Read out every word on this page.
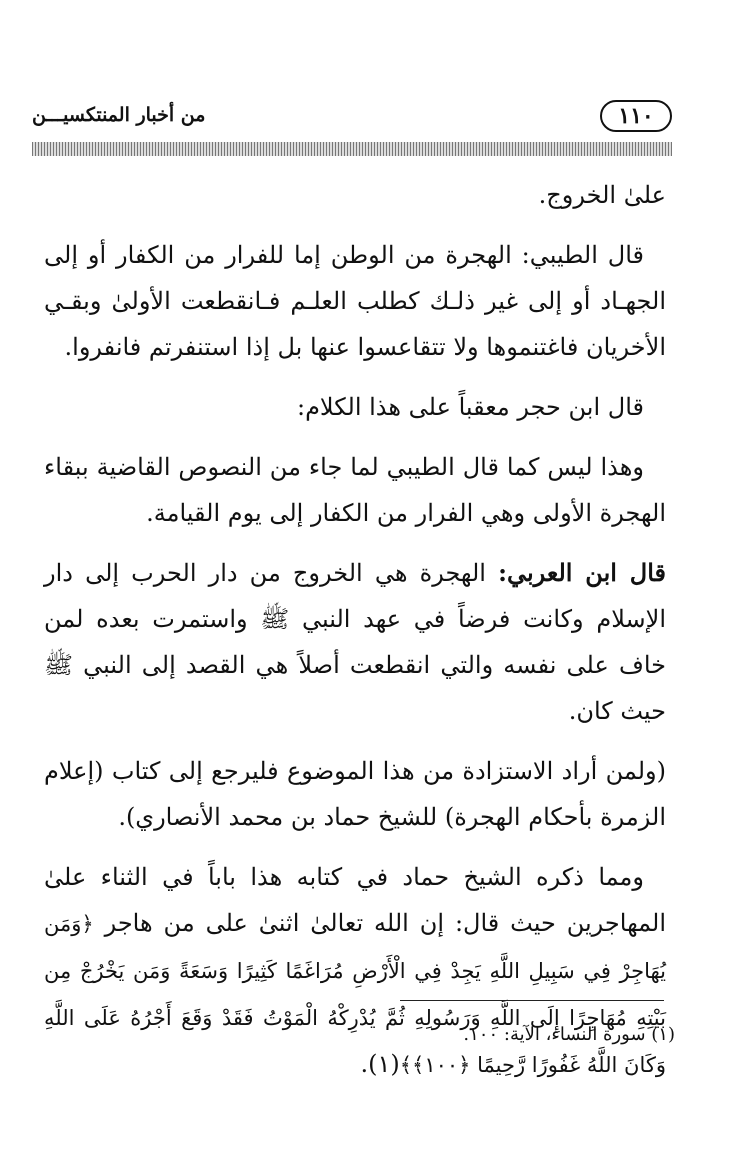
١١٠
من أخبار المنتكسيـــن

علىٰ الخروج.

قال الطيبي: الهجرة من الوطن إما للفرار من الكفار أو إلى الجهـاد أو إلى غير ذلـك كطلب العلـم فـانقطعت الأولىٰ وبقـي الأخريان فاغتنموها ولا تتقاعسوا عنها بل إذا استنفرتم فانفروا.

قال ابن حجر معقباً على هذا الكلام:

وهذا ليس كما قال الطيبي لما جاء من النصوص القاضية ببقاء الهجرة الأولى وهي الفرار من الكفار إلى يوم القيامة.

قال ابن العربي: الهجرة هي الخروج من دار الحرب إلى دار الإسلام وكانت فرضاً في عهد النبي ﷺ واستمرت بعده لمن خاف على نفسه والتي انقطعت أصلاً هي القصد إلى النبي ﷺ حيث كان.

(ولمن أراد الاستزادة من هذا الموضوع فليرجع إلى كتاب (إعلام الزمرة بأحكام الهجرة) للشيخ حماد بن محمد الأنصاري).

ومما ذكره الشيخ حماد في كتابه هذا باباً في الثناء علىٰ المهاجرين حيث قال: إن الله تعالىٰ اثنىٰ على من هاجر ﴿وَمَن يُهَاجِرْ فِي سَبِيلِ اللَّهِ يَجِدْ فِي الْأَرْضِ مُرَاغَمًا كَثِيرًا وَسَعَةً وَمَن يَخْرُجْ مِن بَيْتِهِ مُهَاجِرًا إِلَى اللَّهِ وَرَسُولِهِ ثُمَّ يُدْرِكْهُ الْمَوْتُ فَقَدْ وَقَعَ أَجْرُهُ عَلَى اللَّهِ وَكَانَ اللَّهُ غَفُورًا رَّحِيمًا ﴿١٠٠﴾﴾(١).

(١) سورة النساء، الآية: ١٠٠.
